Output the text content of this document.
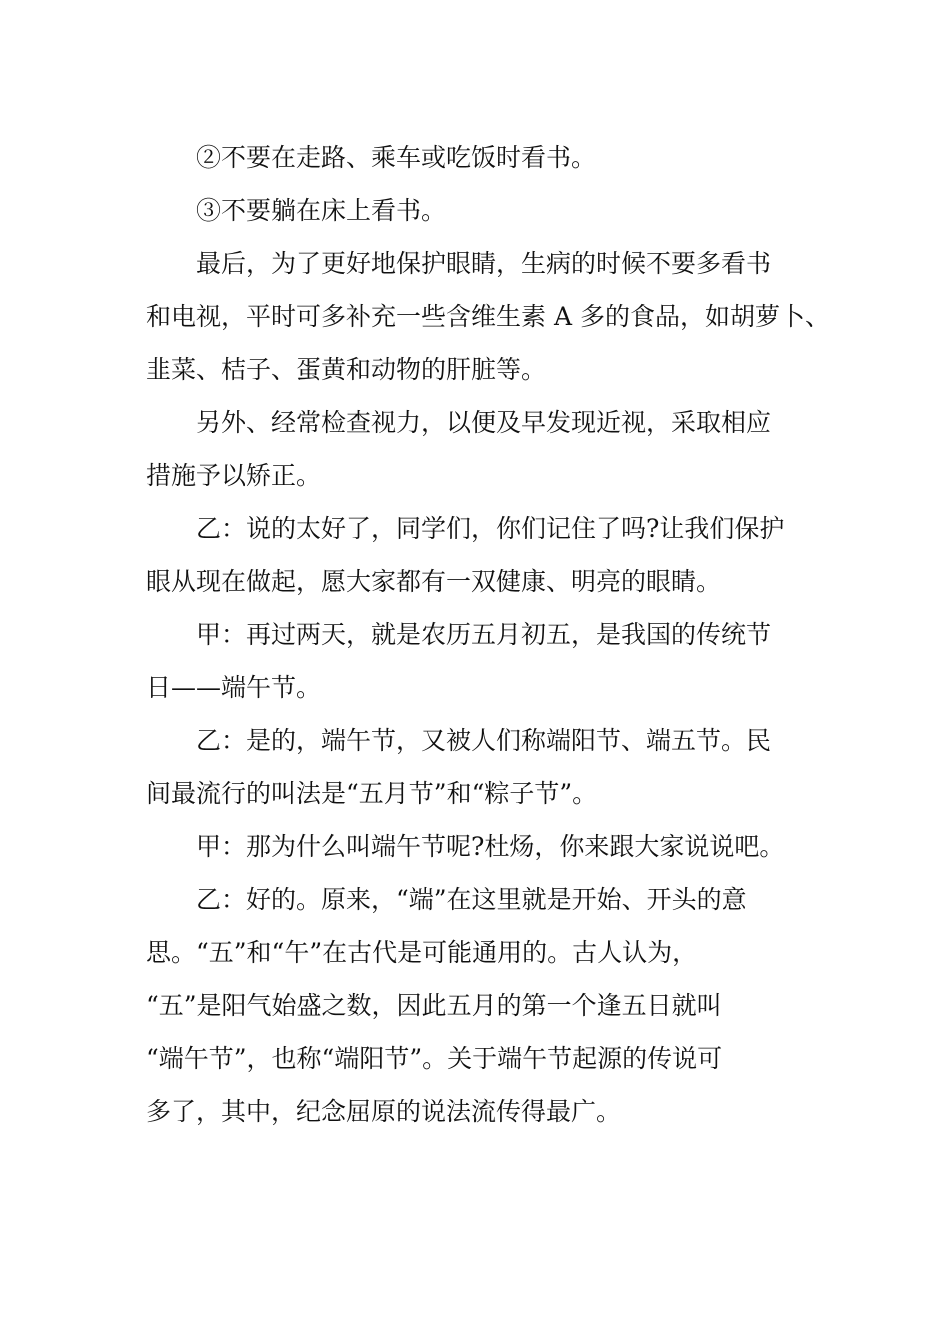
②不要在走路、乘车或吃饭时看书。
③不要躺在床上看书。
最后，为了更好地保护眼睛，生病的时候不要多看书
和电视，平时可多补充一些含维生素 A 多的食品，如胡萝卜、
韭菜、桔子、蛋黄和动物的肝脏等。
另外、经常检查视力，以便及早发现近视，采取相应
措施予以矫正。
乙：说的太好了，同学们，你们记住了吗?让我们保护
眼从现在做起，愿大家都有一双健康、明亮的眼睛。
甲：再过两天，就是农历五月初五，是我国的传统节
日——端午节。
乙：是的，端午节，又被人们称端阳节、端五节。民
间最流行的叫法是“五月节”和“粽子节”。
甲：那为什么叫端午节呢?杜炀，你来跟大家说说吧。
乙：好的。原来，“端”在这里就是开始、开头的意
思。“五”和“午”在古代是可能通用的。古人认为，
“五”是阳气始盛之数，因此五月的第一个逢五日就叫
“端午节”，也称“端阳节”。关于端午节起源的传说可
多了，其中，纪念屈原的说法流传得最广。
